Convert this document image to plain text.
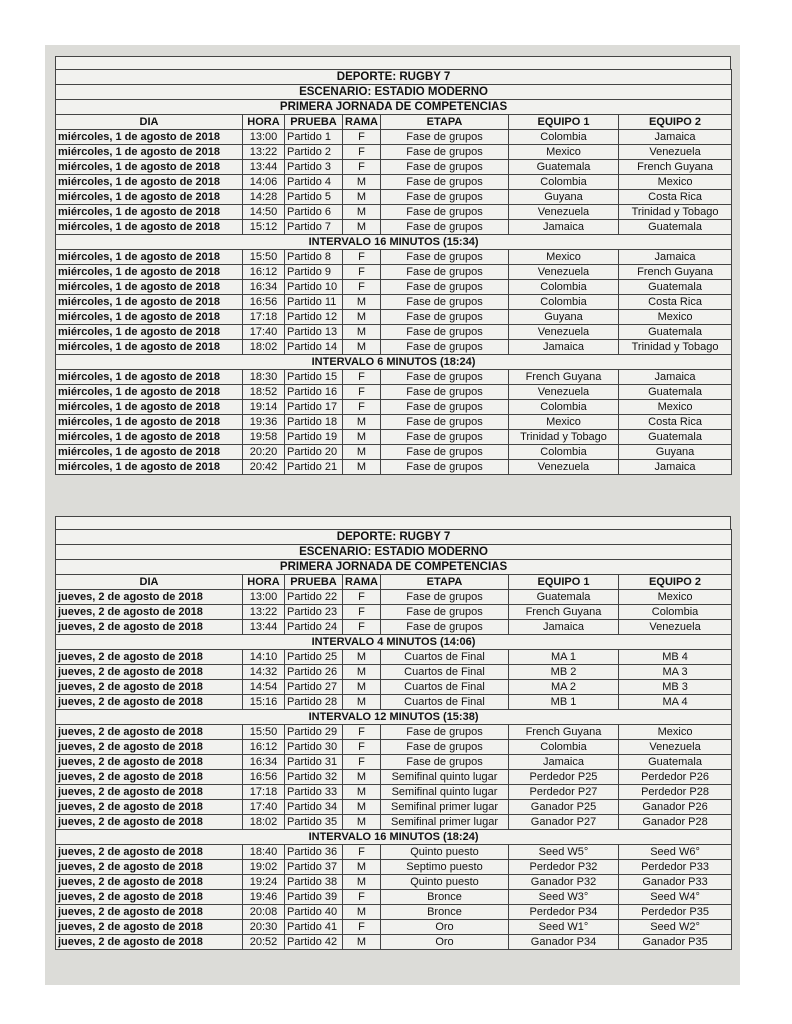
DEPORTE: RUGBY 7						
ESCENARIO: ESTADIO MODERNO						
PRIMERA JORNADA DE COMPETENCIAS						
DIA	HORA	PRUEBA	RAMA	ETAPA	EQUIPO 1	EQUIPO 2
miércoles, 1 de agosto de 2018	13:00	Partido 1	F	Fase de grupos	Colombia	Jamaica
miércoles, 1 de agosto de 2018	13:22	Partido 2	F	Fase de grupos	Mexico	Venezuela
miércoles, 1 de agosto de 2018	13:44	Partido 3	F	Fase de grupos	Guatemala	French Guyana
miércoles, 1 de agosto de 2018	14:06	Partido 4	M	Fase de grupos	Colombia	Mexico
miércoles, 1 de agosto de 2018	14:28	Partido 5	M	Fase de grupos	Guyana	Costa Rica
miércoles, 1 de agosto de 2018	14:50	Partido 6	M	Fase de grupos	Venezuela	Trinidad y Tobago
miércoles, 1 de agosto de 2018	15:12	Partido 7	M	Fase de grupos	Jamaica	Guatemala
INTERVALO 16 MINUTOS (15:34)						
miércoles, 1 de agosto de 2018	15:50	Partido 8	F	Fase de grupos	Mexico	Jamaica
miércoles, 1 de agosto de 2018	16:12	Partido 9	F	Fase de grupos	Venezuela	French Guyana
miércoles, 1 de agosto de 2018	16:34	Partido 10	F	Fase de grupos	Colombia	Guatemala
miércoles, 1 de agosto de 2018	16:56	Partido 11	M	Fase de grupos	Colombia	Costa Rica
miércoles, 1 de agosto de 2018	17:18	Partido 12	M	Fase de grupos	Guyana	Mexico
miércoles, 1 de agosto de 2018	17:40	Partido 13	M	Fase de grupos	Venezuela	Guatemala
miércoles, 1 de agosto de 2018	18:02	Partido 14	M	Fase de grupos	Jamaica	Trinidad y Tobago
INTERVALO 6 MINUTOS (18:24)						
miércoles, 1 de agosto de 2018	18:30	Partido 15	F	Fase de grupos	French Guyana	Jamaica
miércoles, 1 de agosto de 2018	18:52	Partido 16	F	Fase de grupos	Venezuela	Guatemala
miércoles, 1 de agosto de 2018	19:14	Partido 17	F	Fase de grupos	Colombia	Mexico
miércoles, 1 de agosto de 2018	19:36	Partido 18	M	Fase de grupos	Mexico	Costa Rica
miércoles, 1 de agosto de 2018	19:58	Partido 19	M	Fase de grupos	Trinidad y Tobago	Guatemala
miércoles, 1 de agosto de 2018	20:20	Partido 20	M	Fase de grupos	Colombia	Guyana
miércoles, 1 de agosto de 2018	20:42	Partido 21	M	Fase de grupos	Venezuela	Jamaica
DEPORTE: RUGBY 7						
ESCENARIO: ESTADIO MODERNO						
PRIMERA JORNADA DE COMPETENCIAS						
DIA	HORA	PRUEBA	RAMA	ETAPA	EQUIPO 1	EQUIPO 2
jueves, 2 de agosto de 2018	13:00	Partido 22	F	Fase de grupos	Guatemala	Mexico
jueves, 2 de agosto de 2018	13:22	Partido 23	F	Fase de grupos	French Guyana	Colombia
jueves, 2 de agosto de 2018	13:44	Partido 24	F	Fase de grupos	Jamaica	Venezuela
INTERVALO 4 MINUTOS (14:06)						
jueves, 2 de agosto de 2018	14:10	Partido 25	M	Cuartos de Final	MA 1	MB 4
jueves, 2 de agosto de 2018	14:32	Partido 26	M	Cuartos de Final	MB 2	MA 3
jueves, 2 de agosto de 2018	14:54	Partido 27	M	Cuartos de Final	MA 2	MB 3
jueves, 2 de agosto de 2018	15:16	Partido 28	M	Cuartos de Final	MB 1	MA 4
INTERVALO 12 MINUTOS (15:38)						
jueves, 2 de agosto de 2018	15:50	Partido 29	F	Fase de grupos	French Guyana	Mexico
jueves, 2 de agosto de 2018	16:12	Partido 30	F	Fase de grupos	Colombia	Venezuela
jueves, 2 de agosto de 2018	16:34	Partido 31	F	Fase de grupos	Jamaica	Guatemala
jueves, 2 de agosto de 2018	16:56	Partido 32	M	Semifinal quinto lugar	Perdedor P25	Perdedor P26
jueves, 2 de agosto de 2018	17:18	Partido 33	M	Semifinal quinto lugar	Perdedor P27	Perdedor P28
jueves, 2 de agosto de 2018	17:40	Partido 34	M	Semifinal primer lugar	Ganador P25	Ganador P26
jueves, 2 de agosto de 2018	18:02	Partido 35	M	Semifinal primer lugar	Ganador P27	Ganador P28
INTERVALO 16 MINUTOS (18:24)						
jueves, 2 de agosto de 2018	18:40	Partido 36	F	Quinto puesto	Seed W5°	Seed W6°
jueves, 2 de agosto de 2018	19:02	Partido 37	M	Septimo puesto	Perdedor P32	Perdedor P33
jueves, 2 de agosto de 2018	19:24	Partido 38	M	Quinto puesto	Ganador P32	Ganador P33
jueves, 2 de agosto de 2018	19:46	Partido 39	F	Bronce	Seed W3°	Seed W4°
jueves, 2 de agosto de 2018	20:08	Partido 40	M	Bronce	Perdedor P34	Perdedor P35
jueves, 2 de agosto de 2018	20:30	Partido 41	F	Oro	Seed W1°	Seed W2°
jueves, 2 de agosto de 2018	20:52	Partido 42	M	Oro	Ganador P34	Ganador P35
